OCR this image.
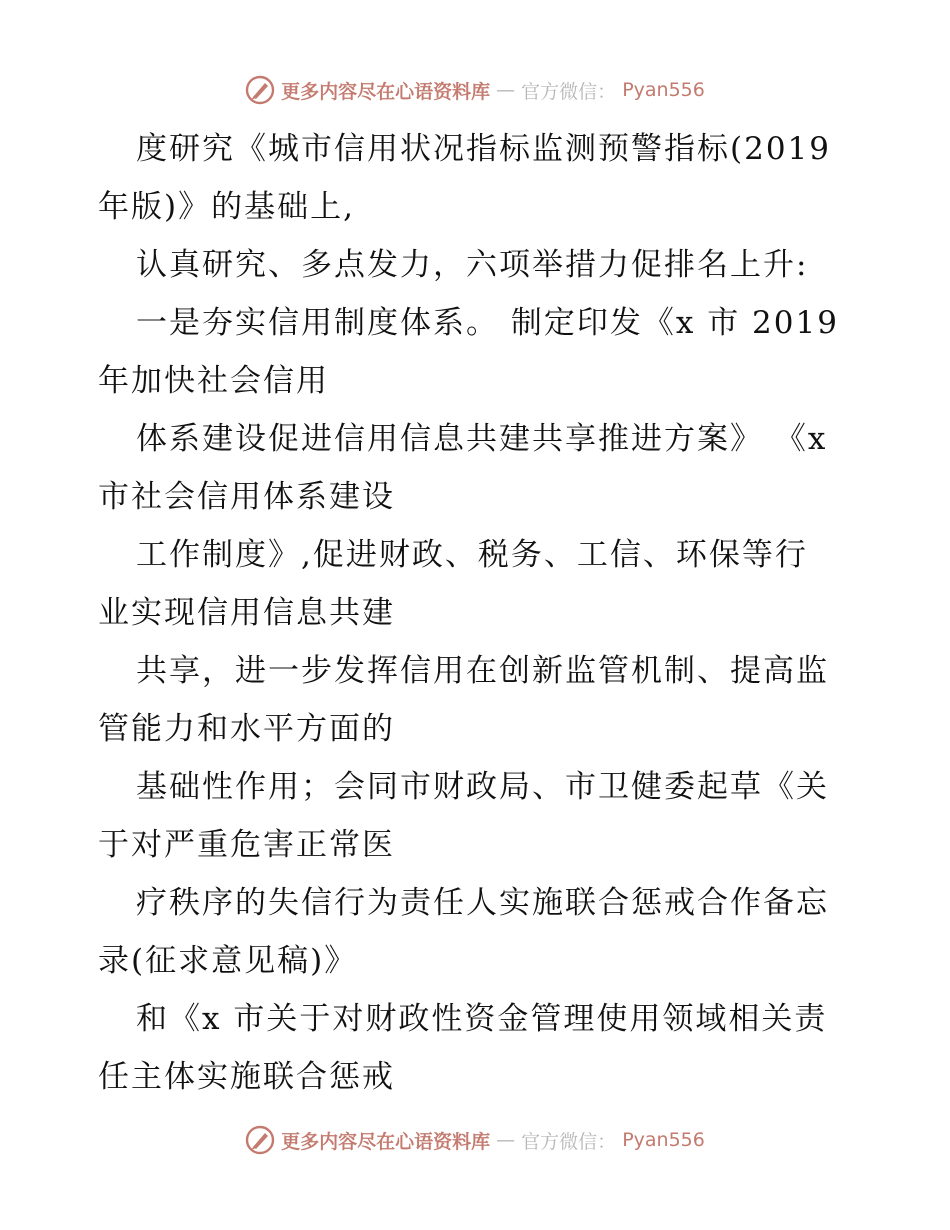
更多内容尽在心语资料库 — 官方微信： Pyan556
度研究《城市信用状况指标监测预警指标(2019
年版)》的基础上,
认真研究、多点发力，六项举措力促排名上升:
一是夯实信用制度体系。 制定印发《x 市 2019
年加快社会信用
体系建设促进信用信息共建共享推进方案》 《x
市社会信用体系建设
工作制度》,促进财政、税务、工信、环保等行
业实现信用信息共建
共享，进一步发挥信用在创新监管机制、提高监
管能力和水平方面的
基础性作用；会同市财政局、市卫健委起草《关
于对严重危害正常医
疗秩序的失信行为责任人实施联合惩戒合作备忘
录(征求意见稿)》
和《x 市关于对财政性资金管理使用领域相关责
任主体实施联合惩戒
更多内容尽在心语资料库 — 官方微信： Pyan556
